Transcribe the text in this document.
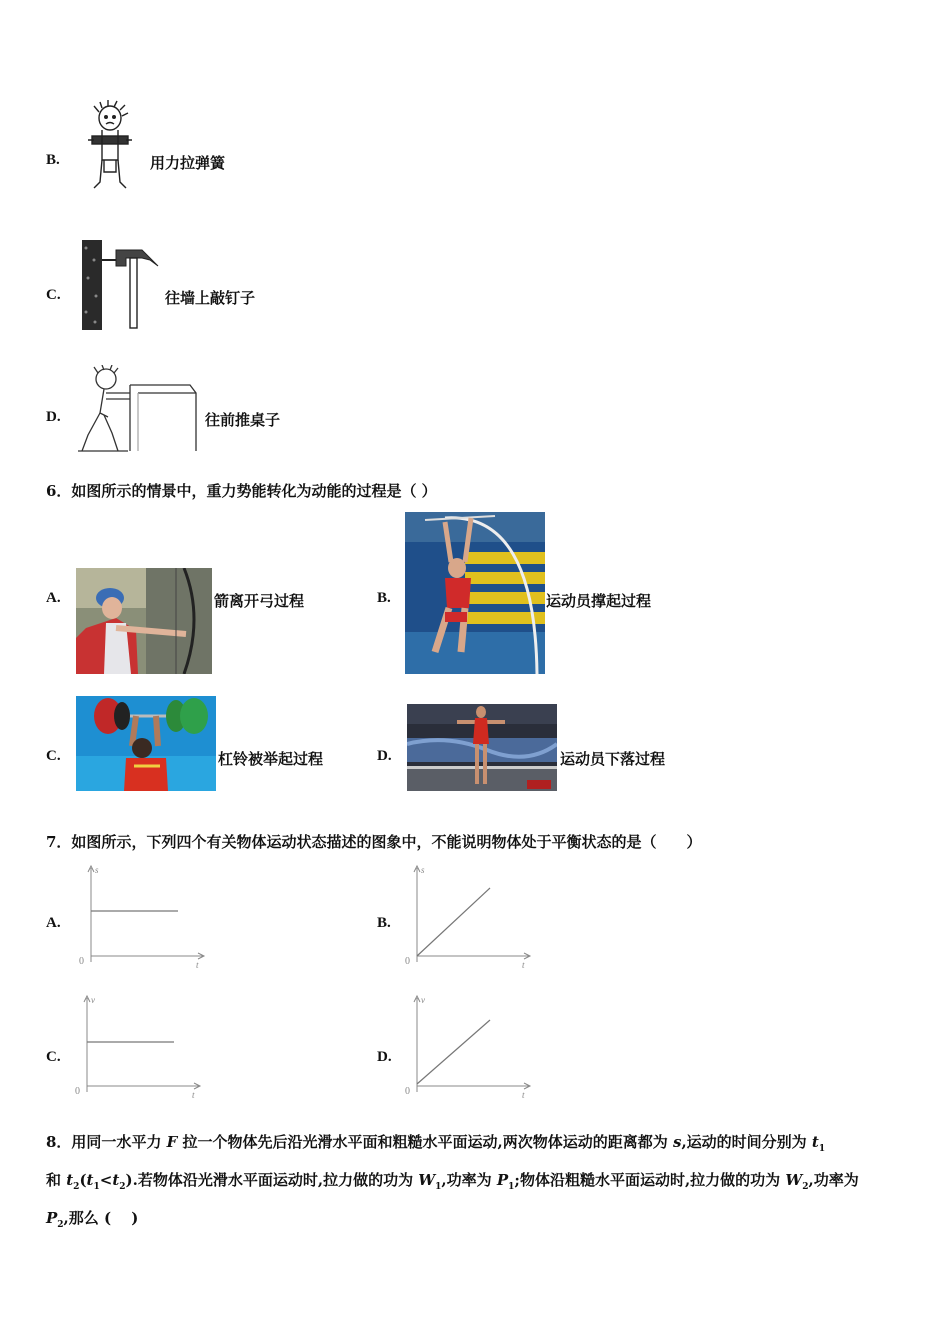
B.	用力拉弹簧
C.	往墙上敲钉子
D.	往前推桌子
6．如图所示的情景中，重力势能转化为动能的过程是（ ）
A.	箭离开弓过程	B.	运动员撑起过程
C.	杠铃被举起过程	D.	运动员下落过程
7．如图所示，下列四个有关物体运动状态描述的图象中，不能说明物体处于平衡状态的是（　　）
A.
s
t
0
B.
s
t
0
C.
v
t
0
D.
v
t
0
8．用同一水平力 F 拉一个物体先后沿光滑水平面和粗糙水平面运动,两次物体运动的距离都为 s,运动的时间分别为 $t_1$
和 $t_2(t_1<t_2)$.若物体沿光滑水平面运动时,拉力做的功为 $W_1$,功率为 $P_1$;物体沿粗糙水平面运动时,拉力做的功为 $W_2$,功率为
$P_2$,那么 (　 )
